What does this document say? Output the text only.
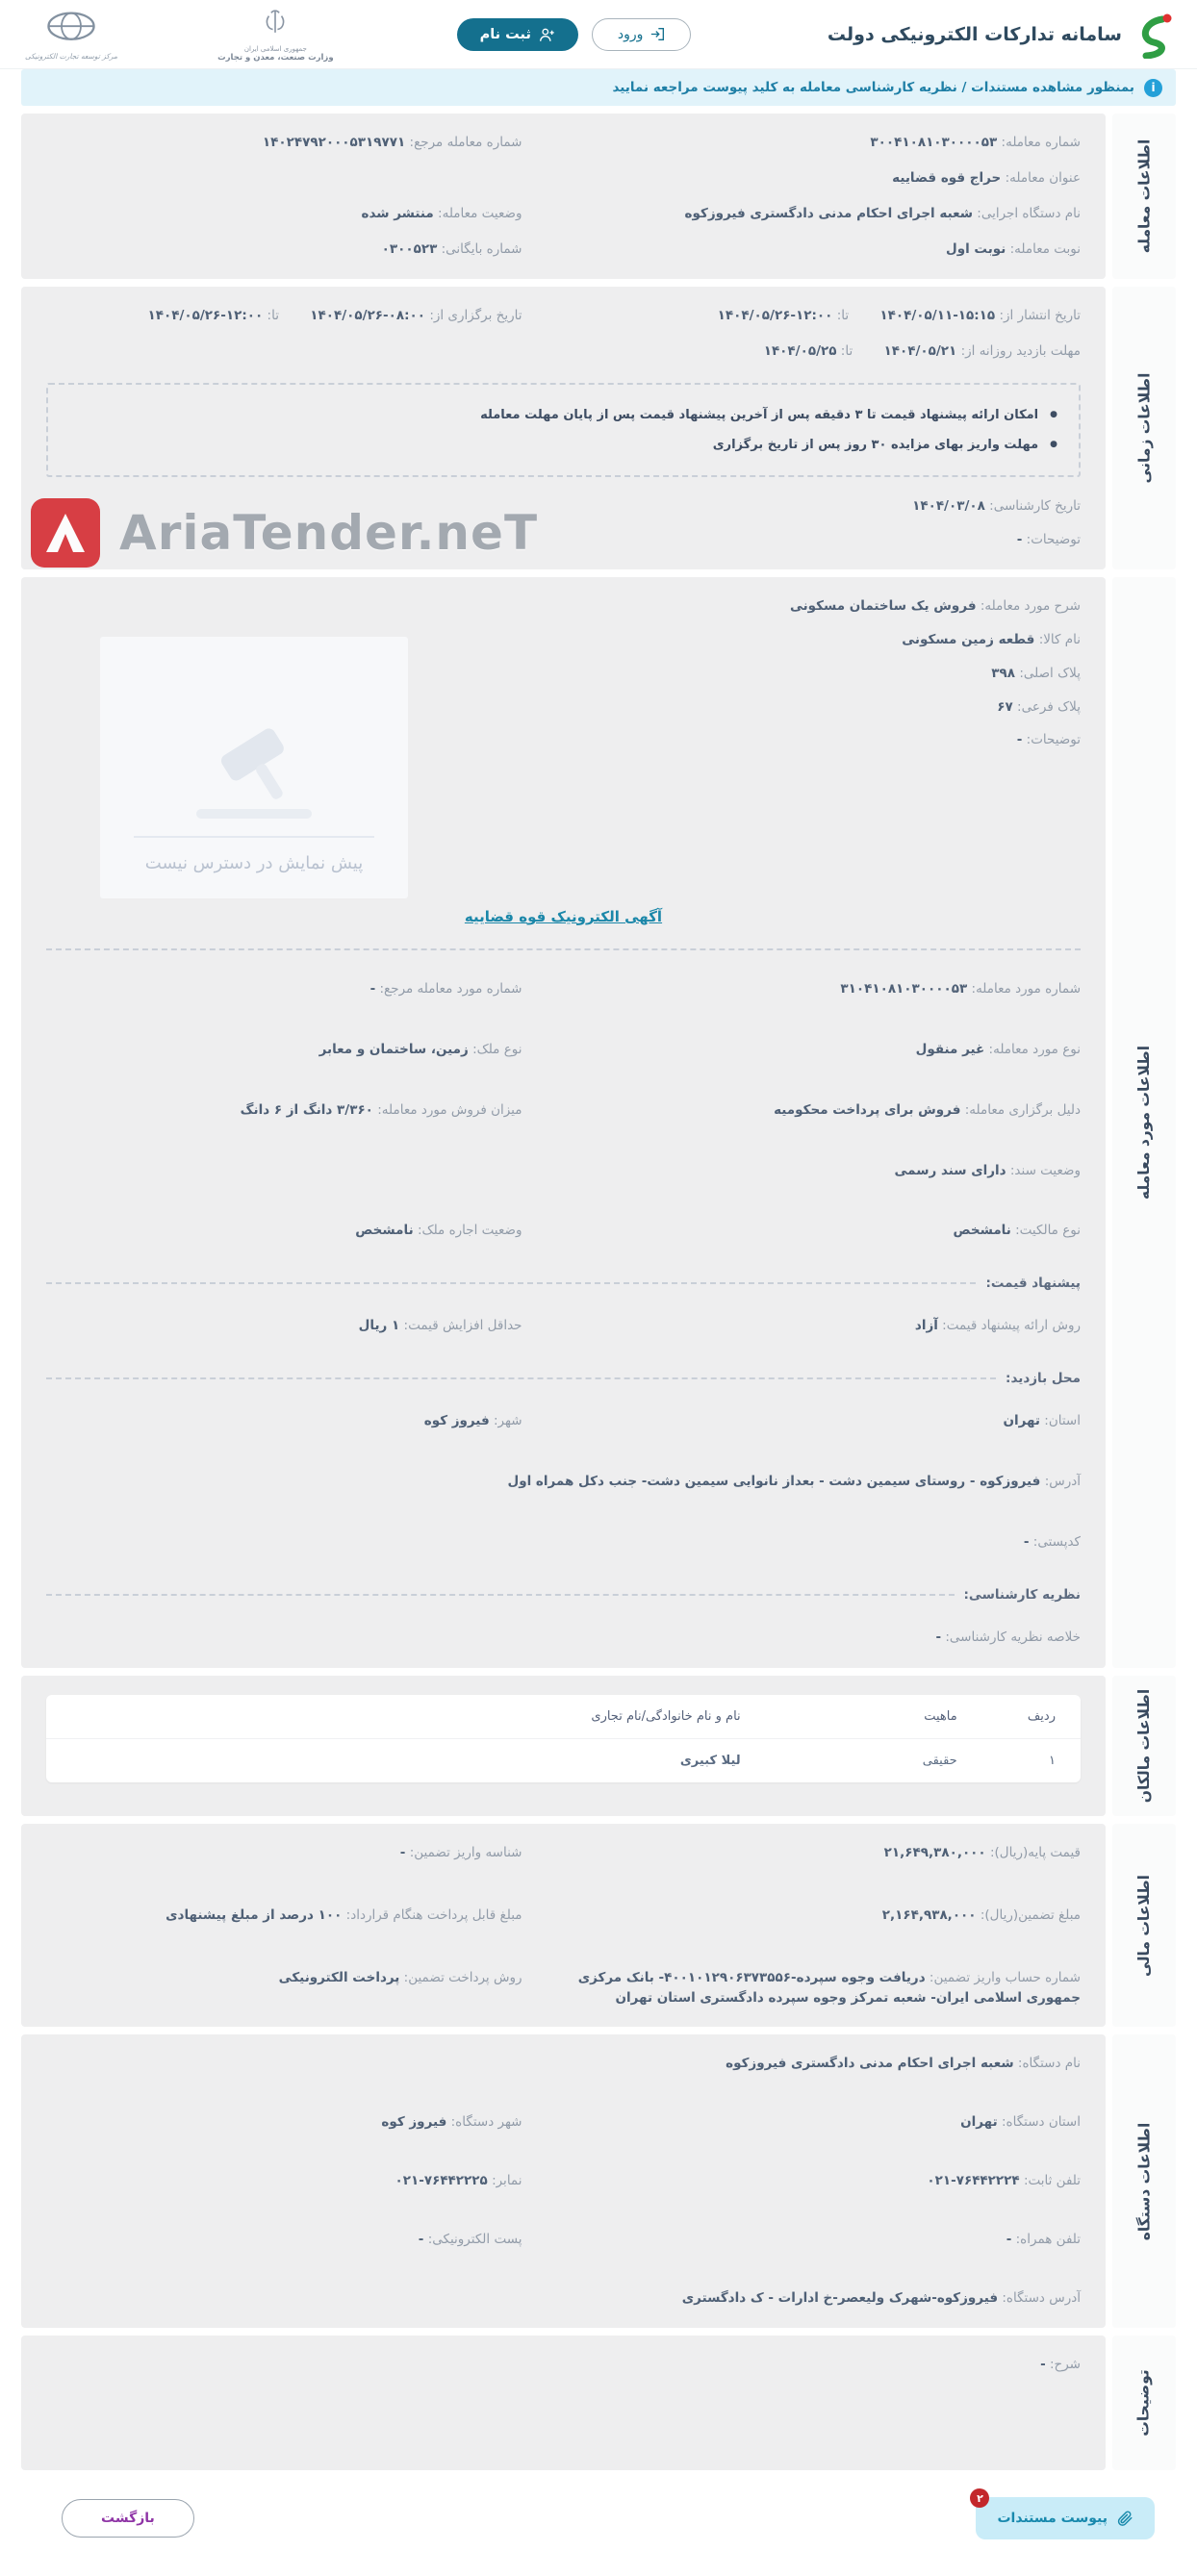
سامانه تدارکات الکترونیکی دولت
ورود
ثبت نام
جمهوری اسلامی ایران
وزارت صنعت، معدن و تجارت
مرکز توسعه تجارت الکترونیکی
i
بمنظور مشاهده مستندات / نظریه کارشناسی معامله به کلید پیوست مراجعه نمایید
اطلاعات معامله
شماره معامله: ۳۰۰۴۱۰۸۱۰۳۰۰۰۰۵۳
شماره معامله مرجع: ۱۴۰۲۴۷۹۲۰۰۰۵۳۱۹۷۷۱
عنوان معامله: حراج قوه قضاییه
نام دستگاه اجرایی: شعبه اجرای احکام مدنی دادگستری فیروزکوه
وضعیت معامله: منتشر شده
نوبت معامله: نوبت اول
شماره بایگانی: ۰۳۰۰۵۲۳
اطلاعات زمانی
تاریخ انتشار از: ۱۴۰۴/۰۵/۱۱-۱۵:۱۵ تا: ۱۴۰۴/۰۵/۲۶-۱۲:۰۰
تاریخ برگزاری از: ۱۴۰۴/۰۵/۲۶-۰۸:۰۰ تا: ۱۴۰۴/۰۵/۲۶-۱۲:۰۰
مهلت بازدید روزانه از: ۱۴۰۴/۰۵/۲۱ تا: ۱۴۰۴/۰۵/۲۵
● امکان ارائه پیشنهاد قیمت تا ۳ دقیقه پس از آخرین پیشنهاد قیمت پس از پایان مهلت معامله
● مهلت واریز بهای مزایده ۳۰ روز پس از تاریخ برگزاری
تاریخ کارشناسی: ۱۴۰۴/۰۳/۰۸
توضیحات: -
اطلاعات مورد معامله
شرح مورد معامله: فروش یک ساختمان مسکونی
نام کالا: قطعه زمین مسکونی
پلاک اصلی: ۳۹۸
پلاک فرعی: ۶۷
توضیحات: -
پیش نمایش در دسترس نیست
آگهی الکترونیک قوه قضاییه
شماره مورد معامله: ۳۱۰۴۱۰۸۱۰۳۰۰۰۰۵۳
شماره مورد معامله مرجع: -
نوع مورد معامله: غیر منقول
نوع ملک: زمین، ساختمان و معابر
دلیل برگزاری معامله: فروش برای پرداخت محکومیه
میزان فروش مورد معامله: ۳/۳۶۰ دانگ از ۶ دانگ
وضعیت سند: دارای سند رسمی
نوع مالکیت: نامشخص
وضعیت اجاره ملک: نامشخص
پیشنهاد قیمت:
روش ارائه پیشنهاد قیمت: آزاد
حداقل افزایش قیمت: ۱ ریال
محل بازدید:
استان: تهران
شهر: فیروز کوه
آدرس: فیروزکوه - روستای سیمین دشت - بعداز نانوایی سیمین دشت- جنب دکل همراه اول
کدپستی: -
نظریه کارشناسی:
خلاصه نظریه کارشناسی: -
اطلاعات مالکان
ردیف
ماهیت
نام و نام خانوادگی/نام تجاری
۱
حقیقی
لیلا کبیری
اطلاعات مالی
قیمت پایه(ریال): ۲۱,۶۴۹,۳۸۰,۰۰۰
شناسه واریز تضمین: -
مبلغ تضمین(ریال): ۲,۱۶۴,۹۳۸,۰۰۰
مبلغ قابل پرداخت هنگام قرارداد: ۱۰۰ درصد از مبلغ پیشنهادی
شماره حساب واریز تضمین: دریافت وجوه سپرده-۴۰۰۱۰۱۲۹۰۶۳۷۳۵۵۶- بانک مرکزی جمهوری اسلامی ایران- شعبه تمرکز وجوه سپرده دادگستری استان تهران
روش پرداخت تضمین: پرداخت الکترونیکی
اطلاعات دستگاه
نام دستگاه: شعبه اجرای احکام مدنی دادگستری فیروزکوه
استان دستگاه: تهران
شهر دستگاه: فیروز کوه
تلفن ثابت: ۰۲۱-۷۶۴۴۲۲۲۴
نمابر: ۰۲۱-۷۶۴۴۲۲۲۵
تلفن همراه: -
پست الکترونیکی: -
آدرس دستگاه: فیروزکوه-شهرک ولیعصر-خ ادارات - ک دادگستری
توضیحات
شرح: -
۲
پیوست مستندات
بازگشت
AriaTender.neT
